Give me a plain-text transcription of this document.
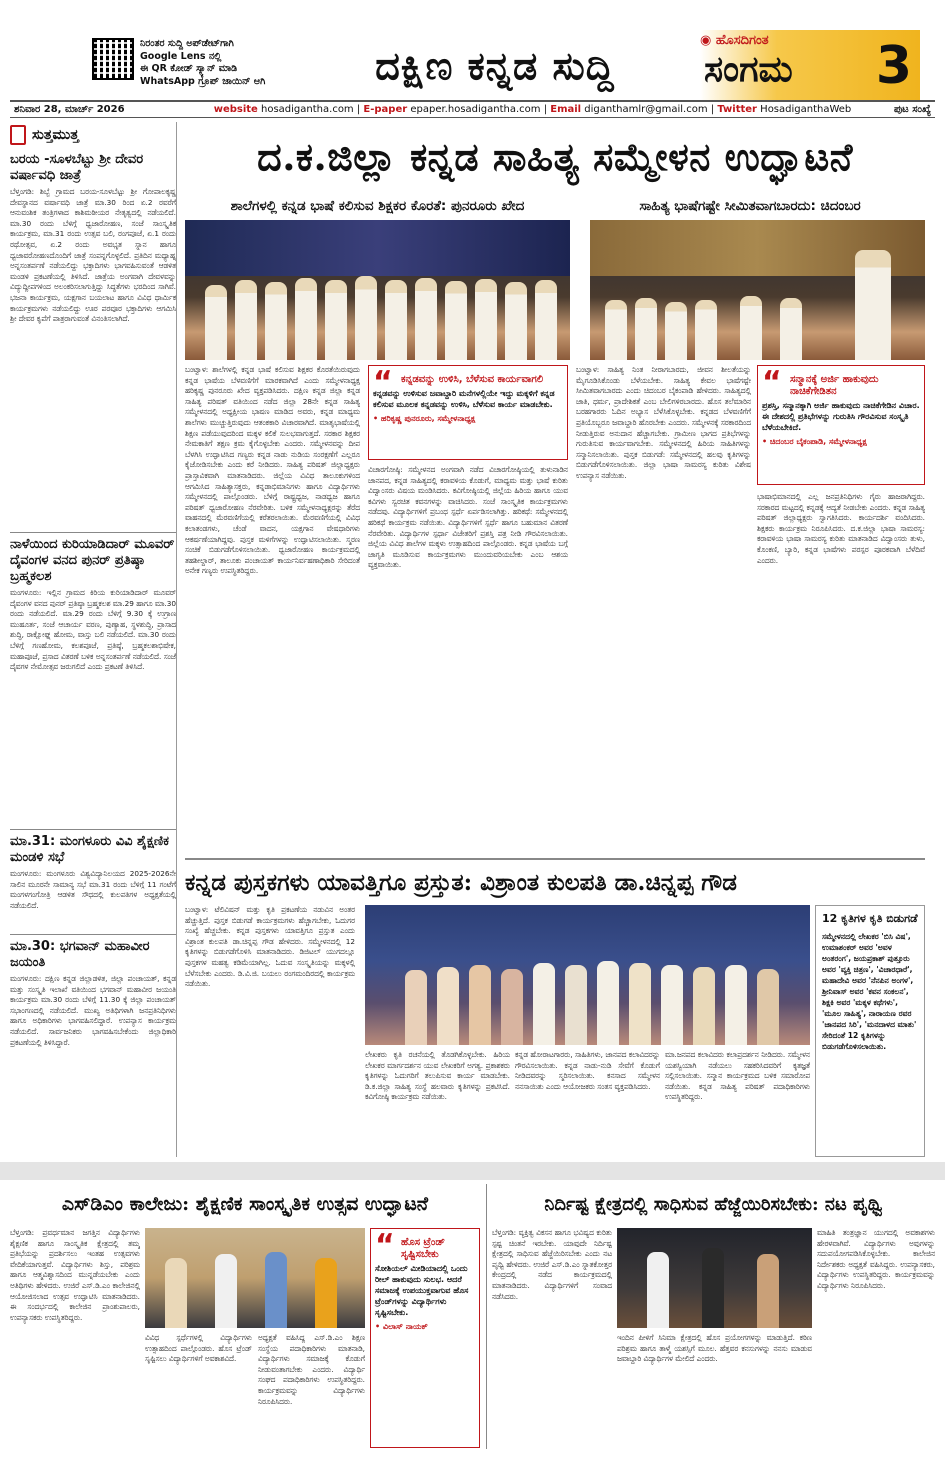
ನಿರಂತರ ಸುದ್ದಿ ಅಪ್‌ಡೇಟ್‌ಗಾಗಿ
Google Lens ನಲ್ಲಿ
ಈ QR ಕೋಡ್ ಸ್ಕ್ಯಾನ್ ಮಾಡಿ
WhatsApp ಗ್ರೂಪ್ ಜಾಯಿನ್ ಆಗಿ	ದಕ್ಷಿಣ ಕನ್ನಡ ಸುದ್ದಿ
◉ ಹೊಸದಿಗಂತ
ಸಂಗಮ 3
ಶನಿವಾರ 28, ಮಾರ್ಚ್ 2026	website hosadigantha.com | E-paper epaper.hosadigantha.com | Email diganthamlr@gmail.com | Twitter HosadiganthaWeb	ಪುಟ ಸಂಖ್ಯೆ
ಸುತ್ತಮುತ್ತ
ಬರಯ -ಸೂಳಬೆಟ್ಟು ಶ್ರೀ ದೇವರ ವರ್ಷಾವಧಿ ಜಾತ್ರೆ
ಬೆಳ್ತಂಗಡಿ: ಶಿಬ್ಬೆ ಗ್ರಾಮದ ಬರಯ-ಸೂಳಬೆಟ್ಟು ಶ್ರೀ ಗೋಪಾಲಕೃಷ್ಣ ದೇವಸ್ಥಾನದ ವರ್ಷಾವಧಿ ಜಾತ್ರೆ ಮಾ.30 ರಿಂದ ಏ.2 ರವರೆಗೆ ಆನುವಂಶಿಕ ತಂತ್ರಿಗಳಾದ ಕಾಶಿಮಠೀಯರ ನೇತೃತ್ವದಲ್ಲಿ ನಡೆಯಲಿದೆ. ಮಾ.30 ರಂದು ಬೆಳಿಗ್ಗೆ ಧ್ವಜಾರೋಹಣ, ಸಂಜೆ ಸಾಂಸ್ಕೃತಿಕ ಕಾರ್ಯಕ್ರಮ, ಮಾ.31 ರಂದು ಉತ್ಸವ ಬಲಿ, ರಂಗಪೂಜೆ, ಏ.1 ರಂದು ರಥೋತ್ಸವ, ಏ.2 ರಂದು ಅವಭೃತ ಸ್ನಾನ ಹಾಗೂ ಧ್ವಜಾವರೋಹಣದೊಂದಿಗೆ ಜಾತ್ರೆ ಸಂಪನ್ನಗೊಳ್ಳಲಿದೆ. ಪ್ರತಿದಿನ ಮಧ್ಯಾಹ್ನ ಅನ್ನಸಂತರ್ಪಣೆ ನಡೆಯಲಿದ್ದು ಭಕ್ತಾದಿಗಳು ಭಾಗವಹಿಸುವಂತೆ ಆಡಳಿತ ಮಂಡಳಿ ಪ್ರಕಟಣೆಯಲ್ಲಿ ತಿಳಿಸಿದೆ. ಜಾತ್ರೆಯ ಅಂಗವಾಗಿ ದೇವಳವನ್ನು ವಿದ್ಯುದ್ದೀಪಗಳಿಂದ ಅಲಂಕರಿಸಲಾಗುತ್ತಿದ್ದು ಸಿದ್ಧತೆಗಳು ಭರದಿಂದ ಸಾಗಿವೆ. ಭಜನಾ ಕಾರ್ಯಕ್ರಮ, ಯಕ್ಷಗಾನ ಬಯಲಾಟ ಹಾಗೂ ವಿವಿಧ ಧಾರ್ಮಿಕ ಕಾರ್ಯಕ್ರಮಗಳು ನಡೆಯಲಿದ್ದು ಊರ ಪರವೂರ ಭಕ್ತಾದಿಗಳು ಆಗಮಿಸಿ ಶ್ರೀ ದೇವರ ಕೃಪೆಗೆ ಪಾತ್ರರಾಗುವಂತೆ ವಿನಂತಿಸಲಾಗಿದೆ.
ನಾಳೆಯಿಂದ ಕುರಿಯಾಡಿದಾರ್ ಮೂವರ್ ದೈವಂಗಳ ವನದ ಪುನರ್ ಪ್ರತಿಷ್ಠಾ ಬ್ರಹ್ಮಕಲಶ
ಮಂಗಳೂರು: ಇಲ್ಲಿನ ಗ್ರಾಮದ ಕಿರಿಯ ಕುರಿಯಾಡಿದಾರ್ ಮೂವರ್ ದೈವಂಗಳ ವನದ ಪುನರ್ ಪ್ರತಿಷ್ಠಾ ಬ್ರಹ್ಮಕಲಶ ಮಾ.29 ಹಾಗೂ ಮಾ.30 ರಂದು ನಡೆಯಲಿದೆ. ಮಾ.29 ರಂದು ಬೆಳಿಗ್ಗೆ 9.30 ಕ್ಕೆ ಉಗ್ರಾಣ ಮುಹೂರ್ತ, ಸಂಜೆ ಆಚಾರ್ಯ ವರಣ, ಪುಣ್ಯಾಹ, ಸ್ಥಳಶುದ್ಧಿ, ಪ್ರಾಸಾದ ಶುದ್ಧಿ, ರಾಕ್ಷೋಘ್ನ ಹೋಮ, ವಾಸ್ತು ಬಲಿ ನಡೆಯಲಿದೆ. ಮಾ.30 ರಂದು ಬೆಳಿಗ್ಗೆ ಗಣಹೋಮ, ಕಲಶಪೂಜೆ, ಪ್ರತಿಷ್ಠೆ, ಬ್ರಹ್ಮಕಲಶಾಭಿಷೇಕ, ಮಹಾಪೂಜೆ, ಪ್ರಸಾದ ವಿತರಣೆ ಬಳಿಕ ಅನ್ನಸಂತರ್ಪಣೆ ನಡೆಯಲಿದೆ. ಸಂಜೆ ದೈವಗಳ ನೇಮೋತ್ಸವ ಜರುಗಲಿದೆ ಎಂದು ಪ್ರಕಟಣೆ ತಿಳಿಸಿದೆ.
ಮಾ.31: ಮಂಗಳೂರು ವಿವಿ ಶೈಕ್ಷಣಿಕ ಮಂಡಳಿ ಸಭೆ
ಮಂಗಳೂರು: ಮಂಗಳೂರು ವಿಶ್ವವಿದ್ಯಾನಿಲಯದ 2025-2026ನೇ ಸಾಲಿನ ಮೂರನೇ ಸಾಮಾನ್ಯ ಸಭೆ ಮಾ.31 ರಂದು ಬೆಳಿಗ್ಗೆ 11 ಗಂಟೆಗೆ ಮಂಗಳಗಂಗೋತ್ರಿ ಆಡಳಿತ ಸೌಧದಲ್ಲಿ ಕುಲಪತಿಗಳ ಅಧ್ಯಕ್ಷತೆಯಲ್ಲಿ ನಡೆಯಲಿದೆ.
ಮಾ.30: ಭಗವಾನ್ ಮಹಾವೀರ ಜಯಂತಿ
ಮಂಗಳೂರು: ದಕ್ಷಿಣ ಕನ್ನಡ ಜಿಲ್ಲಾಡಳಿತ, ಜಿಲ್ಲಾ ಪಂಚಾಯತ್, ಕನ್ನಡ ಮತ್ತು ಸಂಸ್ಕೃತಿ ಇಲಾಖೆ ವತಿಯಿಂದ ಭಗವಾನ್ ಮಹಾವೀರ ಜಯಂತಿ ಕಾರ್ಯಕ್ರಮ ಮಾ.30 ರಂದು ಬೆಳಿಗ್ಗೆ 11.30 ಕ್ಕೆ ಜಿಲ್ಲಾ ಪಂಚಾಯತ್ ಸಭಾಂಗಣದಲ್ಲಿ ನಡೆಯಲಿದೆ. ಮುಖ್ಯ ಅತಿಥಿಗಳಾಗಿ ಜನಪ್ರತಿನಿಧಿಗಳು ಹಾಗೂ ಅಧಿಕಾರಿಗಳು ಭಾಗವಹಿಸಲಿದ್ದಾರೆ. ಉಪನ್ಯಾಸ ಕಾರ್ಯಕ್ರಮ ನಡೆಯಲಿದೆ. ಸಾರ್ವಜನಿಕರು ಭಾಗವಹಿಸಬೇಕೆಂದು ಜಿಲ್ಲಾಧಿಕಾರಿ ಪ್ರಕಟಣೆಯಲ್ಲಿ ತಿಳಿಸಿದ್ದಾರೆ.
ದ.ಕ.ಜಿಲ್ಲಾ ಕನ್ನಡ ಸಾಹಿತ್ಯ ಸಮ್ಮೇಳನ ಉದ್ಘಾಟನೆ
ಶಾಲೆಗಳಲ್ಲಿ ಕನ್ನಡ ಭಾಷೆ ಕಲಿಸುವ ಶಿಕ್ಷಕರ ಕೊರತೆ: ಪುನರೂರು ಖೇದ	ಸಾಹಿತ್ಯ ಭಾಷೆಗಷ್ಟೇ ಸೀಮಿತವಾಗಬಾರದು: ಚಿದಂಬರ
ಬಂಟ್ವಾಳ: ಶಾಲೆಗಳಲ್ಲಿ ಕನ್ನಡ ಭಾಷೆ ಕಲಿಸುವ ಶಿಕ್ಷಕರ ಕೊರತೆಯಿರುವುದು ಕನ್ನಡ ಭಾಷೆಯ ಬೆಳವಣಿಗೆಗೆ ಮಾರಕವಾಗಿದೆ ಎಂದು ಸಮ್ಮೇಳನಾಧ್ಯಕ್ಷ ಹರಿಕೃಷ್ಣ ಪುನರೂರು ಖೇದ ವ್ಯಕ್ತಪಡಿಸಿದರು. ದಕ್ಷಿಣ ಕನ್ನಡ ಜಿಲ್ಲಾ ಕನ್ನಡ ಸಾಹಿತ್ಯ ಪರಿಷತ್ ವತಿಯಿಂದ ನಡೆದ ಜಿಲ್ಲಾ 28ನೇ ಕನ್ನಡ ಸಾಹಿತ್ಯ ಸಮ್ಮೇಳನದಲ್ಲಿ ಅಧ್ಯಕ್ಷೀಯ ಭಾಷಣ ಮಾಡಿದ ಅವರು, ಕನ್ನಡ ಮಾಧ್ಯಮ ಶಾಲೆಗಳು ಮುಚ್ಚುತ್ತಿರುವುದು ಆತಂಕಕಾರಿ ವಿಚಾರವಾಗಿದೆ. ಮಾತೃಭಾಷೆಯಲ್ಲಿ ಶಿಕ್ಷಣ ಪಡೆಯುವುದರಿಂದ ಮಕ್ಕಳ ಕಲಿಕೆ ಸುಲಭವಾಗುತ್ತದೆ. ಸರಕಾರ ಶಿಕ್ಷಕರ ನೇಮಕಾತಿಗೆ ತಕ್ಷಣ ಕ್ರಮ ಕೈಗೊಳ್ಳಬೇಕು ಎಂದರು. ಸಮ್ಮೇಳನವನ್ನು ದೀಪ ಬೆಳಗಿಸಿ ಉದ್ಘಾಟಿಸಿದ ಗಣ್ಯರು ಕನ್ನಡ ನಾಡು ನುಡಿಯ ಸಂರಕ್ಷಣೆಗೆ ಎಲ್ಲರೂ ಕೈಜೋಡಿಸಬೇಕು ಎಂದು ಕರೆ ನೀಡಿದರು. ಸಾಹಿತ್ಯ ಪರಿಷತ್ ಜಿಲ್ಲಾಧ್ಯಕ್ಷರು ಪ್ರಾಸ್ತಾವಿಕವಾಗಿ ಮಾತನಾಡಿದರು. ಜಿಲ್ಲೆಯ ವಿವಿಧ ತಾಲೂಕುಗಳಿಂದ ಆಗಮಿಸಿದ ಸಾಹಿತ್ಯಾಸಕ್ತರು, ಕನ್ನಡಾಭಿಮಾನಿಗಳು ಹಾಗೂ ವಿದ್ಯಾರ್ಥಿಗಳು ಸಮ್ಮೇಳನದಲ್ಲಿ ಪಾಲ್ಗೊಂಡರು. ಬೆಳಿಗ್ಗೆ ರಾಷ್ಟ್ರಧ್ವಜ, ನಾಡಧ್ವಜ ಹಾಗೂ ಪರಿಷತ್ ಧ್ವಜಾರೋಹಣ ನೆರವೇರಿತು. ಬಳಿಕ ಸಮ್ಮೇಳನಾಧ್ಯಕ್ಷರನ್ನು ತೆರೆದ ವಾಹನದಲ್ಲಿ ಮೆರವಣಿಗೆಯಲ್ಲಿ ಕರೆತರಲಾಯಿತು. ಮೆರವಣಿಗೆಯಲ್ಲಿ ವಿವಿಧ ಕಲಾತಂಡಗಳು, ಚೆಂಡೆ ವಾದನ, ಯಕ್ಷಗಾನ ವೇಷಧಾರಿಗಳು ಆಕರ್ಷಣೆಯಾಗಿದ್ದವು. ಪುಸ್ತಕ ಮಳಿಗೆಗಳನ್ನು ಉದ್ಘಾಟಿಸಲಾಯಿತು. ಸ್ಮರಣ ಸಂಚಿಕೆ ಬಿಡುಗಡೆಗೊಳಿಸಲಾಯಿತು. ಧ್ವಜಾರೋಹಣ ಕಾರ್ಯಕ್ರಮದಲ್ಲಿ ತಹಶೀಲ್ದಾರ್, ತಾಲೂಕು ಪಂಚಾಯತ್ ಕಾರ್ಯನಿರ್ವಹಣಾಧಿಕಾರಿ ಸೇರಿದಂತೆ ಅನೇಕ ಗಣ್ಯರು ಉಪಸ್ಥಿತರಿದ್ದರು.
“ ಕನ್ನಡವನ್ನು ಉಳಿಸಿ, ಬೆಳೆಸುವ ಕಾರ್ಯವಾಗಲಿ
ಕನ್ನಡವನ್ನು ಉಳಿಸುವ ಜವಾಬ್ದಾರಿ ಮನೆಗಳಲ್ಲಿಯೇ ಇದ್ದು ಮಕ್ಕಳಿಗೆ ಕನ್ನಡ ಕಲಿಸುವ ಮೂಲಕ ಕನ್ನಡವನ್ನು ಉಳಿಸಿ, ಬೆಳೆಸುವ ಕಾರ್ಯ ಮಾಡಬೇಕು.
• ಹರಿಕೃಷ್ಣ ಪುನರೂರು, ಸಮ್ಮೇಳನಾಧ್ಯಕ್ಷ
ವಿಚಾರಗೋಷ್ಠಿ: ಸಮ್ಮೇಳನದ ಅಂಗವಾಗಿ ನಡೆದ ವಿಚಾರಗೋಷ್ಠಿಯಲ್ಲಿ ತುಳುನಾಡಿನ ಜಾನಪದ, ಕನ್ನಡ ಸಾಹಿತ್ಯದಲ್ಲಿ ಕರಾವಳಿಯ ಕೊಡುಗೆ, ಮಾಧ್ಯಮ ಮತ್ತು ಭಾಷೆ ಕುರಿತು ವಿದ್ವಾಂಸರು ವಿಷಯ ಮಂಡಿಸಿದರು. ಕವಿಗೋಷ್ಠಿಯಲ್ಲಿ ಜಿಲ್ಲೆಯ ಹಿರಿಯ ಹಾಗೂ ಯುವ ಕವಿಗಳು ಸ್ವರಚಿತ ಕವನಗಳನ್ನು ವಾಚಿಸಿದರು. ಸಂಜೆ ಸಾಂಸ್ಕೃತಿಕ ಕಾರ್ಯಕ್ರಮಗಳು ನಡೆದವು. ವಿದ್ಯಾರ್ಥಿಗಳಿಗೆ ಪ್ರಬಂಧ ಸ್ಪರ್ಧೆ ಏರ್ಪಡಿಸಲಾಗಿತ್ತು. ಹರಿಕಥೆ: ಸಮ್ಮೇಳನದಲ್ಲಿ ಹರಿಕಥೆ ಕಾರ್ಯಕ್ರಮ ನಡೆಯಿತು. ವಿದ್ಯಾರ್ಥಿಗಳಿಗೆ ಸ್ಪರ್ಧೆ ಹಾಗೂ ಬಹುಮಾನ ವಿತರಣೆ ನೆರವೇರಿತು. ವಿದ್ಯಾರ್ಥಿಗಳ ಸ್ಪರ್ಧಾ ವಿಜೇತರಿಗೆ ಪ್ರಶಸ್ತಿ ಪತ್ರ ನೀಡಿ ಗೌರವಿಸಲಾಯಿತು. ಜಿಲ್ಲೆಯ ವಿವಿಧ ಶಾಲೆಗಳ ಮಕ್ಕಳು ಉತ್ಸಾಹದಿಂದ ಪಾಲ್ಗೊಂಡರು. ಕನ್ನಡ ಭಾಷೆಯ ಬಗ್ಗೆ ಜಾಗೃತಿ ಮೂಡಿಸುವ ಕಾರ್ಯಕ್ರಮಗಳು ಮುಂದುವರಿಯಬೇಕು ಎಂಬ ಆಶಯ ವ್ಯಕ್ತವಾಯಿತು.
ಬಂಟ್ವಾಳ: ಸಾಹಿತ್ಯ ನಿಂತ ನೀರಾಗಬಾರದು, ಜೀವನ ಶೀಲತೆಯನ್ನು ಮೈಗೂಡಿಸಿಕೊಂಡು ಬೆಳೆಯಬೇಕು. ಸಾಹಿತ್ಯ ಕೇವಲ ಭಾಷೆಗಷ್ಟೇ ಸೀಮಿತವಾಗಬಾರದು ಎಂದು ಚಿದಂಬರ ಬೈಕಂಪಾಡಿ ಹೇಳಿದರು. ಸಾಹಿತ್ಯದಲ್ಲಿ ಜಾತಿ, ಧರ್ಮ, ಪ್ರಾದೇಶಿಕತೆ ಎಂಬ ಬೇಲಿಗಳಿರಬಾರದು. ಹೊಸ ತಲೆಮಾರಿನ ಬರಹಗಾರರು ಓದಿನ ಅಭ್ಯಾಸ ಬೆಳೆಸಿಕೊಳ್ಳಬೇಕು. ಕನ್ನಡದ ಬೆಳವಣಿಗೆಗೆ ಪ್ರತಿಯೊಬ್ಬರೂ ಜವಾಬ್ದಾರಿ ಹೊರಬೇಕು ಎಂದರು. ಸಮ್ಮೇಳನಕ್ಕೆ ಸರಕಾರದಿಂದ ನೀಡುತ್ತಿರುವ ಅನುದಾನ ಹೆಚ್ಚಾಗಬೇಕು. ಗ್ರಾಮೀಣ ಭಾಗದ ಪ್ರತಿಭೆಗಳನ್ನು ಗುರುತಿಸುವ ಕಾರ್ಯವಾಗಬೇಕು. ಸಮ್ಮೇಳನದಲ್ಲಿ ಹಿರಿಯ ಸಾಹಿತಿಗಳನ್ನು ಸನ್ಮಾನಿಸಲಾಯಿತು. ಪುಸ್ತಕ ಬಿಡುಗಡೆ: ಸಮ್ಮೇಳನದಲ್ಲಿ ಹಲವು ಕೃತಿಗಳನ್ನು ಬಿಡುಗಡೆಗೊಳಿಸಲಾಯಿತು. ಜಿಲ್ಲಾ ಭಾಷಾ ಸಾಮರಸ್ಯ ಕುರಿತು ವಿಶೇಷ ಉಪನ್ಯಾಸ ನಡೆಯಿತು.
“ ಸನ್ಮಾನಕ್ಕೆ ಅರ್ಜಿ ಹಾಕುವುದು ನಾಚಿಕೆಗೇಡಿತನ
ಪ್ರಶಸ್ತಿ, ಸನ್ಮಾನಕ್ಕಾಗಿ ಅರ್ಜಿ ಹಾಕುವುದು ನಾಚಿಕೆಗೇಡಿನ ವಿಚಾರ. ಈ ದೇಶದಲ್ಲಿ ಪ್ರತಿಭೆಗಳನ್ನು ಗುರುತಿಸಿ ಗೌರವಿಸುವ ಸಂಸ್ಕೃತಿ ಬೆಳೆಯಬೇಕಿದೆ.
• ಚಿದಂಬರ ಬೈಕಂಪಾಡಿ, ಸಮ್ಮೇಳನಾಧ್ಯಕ್ಷ
ಭಾಷಾಭಿಮಾನದಲ್ಲಿ ಎಲ್ಲ ಜನಪ್ರತಿನಿಧಿಗಳು ಗೈರು ಹಾಜರಾಗಿದ್ದರು. ಸರಕಾರದ ಮಟ್ಟದಲ್ಲಿ ಕನ್ನಡಕ್ಕೆ ಆದ್ಯತೆ ನೀಡಬೇಕು ಎಂದರು. ಕನ್ನಡ ಸಾಹಿತ್ಯ ಪರಿಷತ್ ಜಿಲ್ಲಾಧ್ಯಕ್ಷರು ಸ್ವಾಗತಿಸಿದರು. ಕಾರ್ಯದರ್ಶಿ ವಂದಿಸಿದರು. ಶಿಕ್ಷಕರು ಕಾರ್ಯಕ್ರಮ ನಿರೂಪಿಸಿದರು. ದ.ಕ.ಜಿಲ್ಲಾ ಭಾಷಾ ಸಾಮರಸ್ಯ: ಕರಾವಳಿಯ ಭಾಷಾ ಸಾಮರಸ್ಯ ಕುರಿತು ಮಾತನಾಡಿದ ವಿದ್ವಾಂಸರು ತುಳು, ಕೊಂಕಣಿ, ಬ್ಯಾರಿ, ಕನ್ನಡ ಭಾಷೆಗಳು ಪರಸ್ಪರ ಪೂರಕವಾಗಿ ಬೆಳೆದಿವೆ ಎಂದರು.
ಕನ್ನಡ ಪುಸ್ತಕಗಳು ಯಾವತ್ತಿಗೂ ಪ್ರಸ್ತುತ: ವಿಶ್ರಾಂತ ಕುಲಪತಿ ಡಾ.ಚಿನ್ನಪ್ಪ ಗೌಡ
ಬಂಟ್ವಾಳ: ಟೆಲಿವಿಷನ್ ಮತ್ತು ಕೃತಿ ಪ್ರಕಟಣೆಯ ನಡುವಿನ ಅಂತರ ಹೆಚ್ಚುತ್ತಿದೆ. ಪುಸ್ತಕ ಬಿಡುಗಡೆ ಕಾರ್ಯಕ್ರಮಗಳು ಹೆಚ್ಚಾಗಬೇಕು, ಓದುಗರ ಸಂಖ್ಯೆ ಹೆಚ್ಚಬೇಕು. ಕನ್ನಡ ಪುಸ್ತಕಗಳು ಯಾವತ್ತಿಗೂ ಪ್ರಸ್ತುತ ಎಂದು ವಿಶ್ರಾಂತ ಕುಲಪತಿ ಡಾ.ಚಿನ್ನಪ್ಪ ಗೌಡ ಹೇಳಿದರು. ಸಮ್ಮೇಳನದಲ್ಲಿ 12 ಕೃತಿಗಳನ್ನು ಬಿಡುಗಡೆಗೊಳಿಸಿ ಮಾತನಾಡಿದರು. ಡಿಜಿಟಲ್ ಯುಗದಲ್ಲೂ ಪುಸ್ತಕಗಳ ಮಹತ್ವ ಕಡಿಮೆಯಾಗಿಲ್ಲ. ಓದುವ ಸಂಸ್ಕೃತಿಯನ್ನು ಮಕ್ಕಳಲ್ಲಿ ಬೆಳೆಸಬೇಕು ಎಂದರು. ಡಿ.ವಿ.ಜಿ. ಬಯಲು ರಂಗಮಂದಿರದಲ್ಲಿ ಕಾರ್ಯಕ್ರಮ ನಡೆಯಿತು.
ಲೇಖಕರು ಕೃತಿ ರಚನೆಯಲ್ಲಿ ತೊಡಗಿಕೊಳ್ಳಬೇಕು. ಹಿರಿಯ ಲೇಖಕರ ಮಾರ್ಗದರ್ಶನ ಯುವ ಲೇಖಕರಿಗೆ ಅಗತ್ಯ. ಪ್ರಕಾಶಕರು ಕೃತಿಗಳನ್ನು ಓದುಗರಿಗೆ ತಲುಪಿಸುವ ಕಾರ್ಯ ಮಾಡಬೇಕು. ಡಿ.ಕ.ಜಿಲ್ಲಾ ಸಾಹಿತ್ಯ ಸಂಸ್ಥೆ ಹಲವಾರು ಕೃತಿಗಳನ್ನು ಪ್ರಕಟಿಸಿದೆ. ಕವಿಗೋಷ್ಠಿ ಕಾರ್ಯಕ್ರಮ ನಡೆಯಿತು.
ಕನ್ನಡ ಹೋರಾಟಗಾರರು, ಸಾಹಿತಿಗಳು, ಜಾನಪದ ಕಲಾವಿದರನ್ನು ಗೌರವಿಸಲಾಯಿತು. ಕನ್ನಡ ನಾಡು-ನುಡಿ ಸೇವೆಗೆ ಕೊಡುಗೆ ನೀಡಿದವರನ್ನು ಸ್ಮರಿಸಲಾಯಿತು. ಕನಸಾದ ಸಮ್ಮೇಳನ ನನಸಾಯಿತು ಎಂದು ಆಯೋಜಕರು ಸಂತಸ ವ್ಯಕ್ತಪಡಿಸಿದರು.
ಮಾ.ಜನಪದ ಕಲಾವಿದರು ಕಲಾಪ್ರದರ್ಶನ ನೀಡಿದರು. ಸಮ್ಮೇಳನ ಯಶಸ್ವಿಯಾಗಿ ನಡೆಯಲು ಸಹಕರಿಸಿದವರಿಗೆ ಕೃತಜ್ಞತೆ ಸಲ್ಲಿಸಲಾಯಿತು. ಸನ್ಮಾನ ಕಾರ್ಯಕ್ರಮದ ಬಳಿಕ ಸಮಾರೋಪ ನಡೆಯಿತು. ಕನ್ನಡ ಸಾಹಿತ್ಯ ಪರಿಷತ್ ಪದಾಧಿಕಾರಿಗಳು ಉಪಸ್ಥಿತರಿದ್ದರು.
12 ಕೃತಿಗಳ ಕೃತಿ ಬಿಡುಗಡೆ
ಸಮ್ಮೇಳನದಲ್ಲಿ ಲೇಖಕರ 'ಬಿಸಿ ವಿಷ', ಉಮಾಶಂಕರ್ ಅವರ 'ಅವಳ ಅಂತರಂಗ', ಜಯಪ್ರಕಾಶ್ ಪುತ್ತೂರು ಅವರ 'ವ್ಯಕ್ತಿ ಚಿತ್ರಣ', 'ವಿಚಾರಧಾರೆ', ಮಹಾದೇವಿ ಅವರ 'ನೆನಪಿನ ಅಂಗಳ', ಶ್ರೀನಿವಾಸ್ ಅವರ 'ಕವನ ಸಂಕಲನ', ಶಿಕ್ಷಕಿ ಅವರ 'ಮಕ್ಕಳ ಕಥೆಗಳು', 'ಮೂಲ ಸಾಹಿತ್ಯ', ನಾರಾಯಣ ರವರ 'ಜಾನಪದ ಸಿರಿ', 'ಮನದಾಳದ ಮಾತು' ಸೇರಿದಂತೆ 12 ಕೃತಿಗಳನ್ನು ಬಿಡುಗಡೆಗೊಳಿಸಲಾಯಿತು.
ಎಸ್‌ಡಿಎಂ ಕಾಲೇಜು: ಶೈಕ್ಷಣಿಕ ಸಾಂಸ್ಕೃತಿಕ ಉತ್ಸವ ಉದ್ಘಾಟನೆ
ಬೆಳ್ತಂಗಡಿ: ಪ್ರವರ್ಧಮಾನ ಜಗತ್ತಿನ ವಿದ್ಯಾರ್ಥಿಗಳು ಶೈಕ್ಷಣಿಕ ಹಾಗೂ ಸಾಂಸ್ಕೃತಿಕ ಕ್ಷೇತ್ರದಲ್ಲಿ ತಮ್ಮ ಪ್ರತಿಭೆಯನ್ನು ಪ್ರದರ್ಶಿಸಲು ಇಂತಹ ಉತ್ಸವಗಳು ವೇದಿಕೆಯಾಗುತ್ತವೆ. ವಿದ್ಯಾರ್ಥಿಗಳು ಶಿಸ್ತು, ಪರಿಶ್ರಮ ಹಾಗೂ ಆತ್ಮವಿಶ್ವಾಸದಿಂದ ಮುನ್ನಡೆಯಬೇಕು ಎಂದು ಅತಿಥಿಗಳು ಹೇಳಿದರು. ಉಜಿರೆ ಎಸ್.ಡಿ.ಎಂ ಕಾಲೇಜಿನಲ್ಲಿ ಆಯೋಜಿಸಲಾದ ಉತ್ಸವ ಉದ್ಘಾಟಿಸಿ ಮಾತನಾಡಿದರು. ಈ ಸಂದರ್ಭದಲ್ಲಿ ಕಾಲೇಜಿನ ಪ್ರಾಂಶುಪಾಲರು, ಉಪನ್ಯಾಸಕರು ಉಪಸ್ಥಿತರಿದ್ದರು.
ವಿವಿಧ ಸ್ಪರ್ಧೆಗಳಲ್ಲಿ ವಿದ್ಯಾರ್ಥಿಗಳು ಉತ್ಸಾಹದಿಂದ ಪಾಲ್ಗೊಂಡರು. ಹೊಸ ಟ್ರೆಂಡ್ ಸೃಷ್ಟಿಸಲು ವಿದ್ಯಾರ್ಥಿಗಳಿಗೆ ಅವಕಾಶವಿದೆ.
ಅಧ್ಯಕ್ಷತೆ ವಹಿಸಿದ್ದ ಎಸ್.ಡಿ.ಎಂ ಶಿಕ್ಷಣ ಸಂಸ್ಥೆಯ ಪದಾಧಿಕಾರಿಗಳು ಮಾತನಾಡಿ, ವಿದ್ಯಾರ್ಥಿಗಳು ಸಮಾಜಕ್ಕೆ ಕೊಡುಗೆ ನೀಡುವಂತಾಗಬೇಕು ಎಂದರು. ವಿದ್ಯಾರ್ಥಿ ಸಂಘದ ಪದಾಧಿಕಾರಿಗಳು ಉಪಸ್ಥಿತರಿದ್ದರು. ಕಾರ್ಯಕ್ರಮವನ್ನು ವಿದ್ಯಾರ್ಥಿಗಳು ನಿರೂಪಿಸಿದರು.
“ ಹೊಸ ಟ್ರೆಂಡ್ ಸೃಷ್ಟಿಸಬೇಕು
ಸೋಶಿಯಲ್ ಮೀಡಿಯಾದಲ್ಲಿ ಒಂದು ರೀಲ್ ಹಾಕುವುದು ಸುಲಭ. ಆದರೆ ಸಮಾಜಕ್ಕೆ ಉಪಯುಕ್ತವಾಗುವ ಹೊಸ ಟ್ರೆಂಡ್‌ಗಳನ್ನು ವಿದ್ಯಾರ್ಥಿಗಳು ಸೃಷ್ಟಿಸಬೇಕು.
• ವಿಲಾಸ್ ನಾಯಕ್
ನಿರ್ದಿಷ್ಟ ಕ್ಷೇತ್ರದಲ್ಲಿ ಸಾಧಿಸುವ ಹೆಜ್ಜೆಯಿರಿಸಬೇಕು: ನಟ ಪೃಥ್ವಿ
ಬೆಳ್ತಂಗಡಿ: ವ್ಯಕ್ತಿತ್ವ ವಿಕಸನ ಹಾಗೂ ಭವಿಷ್ಯದ ಕುರಿತು ಸ್ಪಷ್ಟ ಚಿಂತನೆ ಇರಬೇಕು. ಯಾವುದೇ ನಿರ್ದಿಷ್ಟ ಕ್ಷೇತ್ರದಲ್ಲಿ ಸಾಧಿಸುವ ಹೆಜ್ಜೆಯಿರಿಸಬೇಕು ಎಂದು ನಟ ಪೃಥ್ವಿ ಹೇಳಿದರು. ಉಜಿರೆ ಎಸ್.ಡಿ.ಎಂ ಸ್ನಾತಕೋತ್ತರ ಕೇಂದ್ರದಲ್ಲಿ ನಡೆದ ಕಾರ್ಯಕ್ರಮದಲ್ಲಿ ಮಾತನಾಡಿದರು. ವಿದ್ಯಾರ್ಥಿಗಳಿಗೆ ಸಂವಾದ ನಡೆಸಿದರು.
ಇಂದಿನ ಪೀಳಿಗೆ ಸಿನಿಮಾ ಕ್ಷೇತ್ರದಲ್ಲಿ ಹೊಸ ಪ್ರಯೋಗಗಳನ್ನು ಮಾಡುತ್ತಿದೆ. ಕಠಿಣ ಪರಿಶ್ರಮ ಹಾಗೂ ತಾಳ್ಮೆ ಯಶಸ್ಸಿಗೆ ಮೂಲ. ಹೆತ್ತವರ ಕನಸುಗಳನ್ನು ನನಸು ಮಾಡುವ ಜವಾಬ್ದಾರಿ ವಿದ್ಯಾರ್ಥಿಗಳ ಮೇಲಿದೆ ಎಂದರು.
ಮಾಹಿತಿ ತಂತ್ರಜ್ಞಾನ ಯುಗದಲ್ಲಿ ಅವಕಾಶಗಳು ಹೇರಳವಾಗಿವೆ. ವಿದ್ಯಾರ್ಥಿಗಳು ಅವುಗಳನ್ನು ಸದುಪಯೋಗಪಡಿಸಿಕೊಳ್ಳಬೇಕು. ಕಾಲೇಜಿನ ನಿರ್ದೇಶಕರು ಅಧ್ಯಕ್ಷತೆ ವಹಿಸಿದ್ದರು. ಉಪನ್ಯಾಸಕರು, ವಿದ್ಯಾರ್ಥಿಗಳು ಉಪಸ್ಥಿತರಿದ್ದರು. ಕಾರ್ಯಕ್ರಮವನ್ನು ವಿದ್ಯಾರ್ಥಿಗಳು ನಿರೂಪಿಸಿದರು.
